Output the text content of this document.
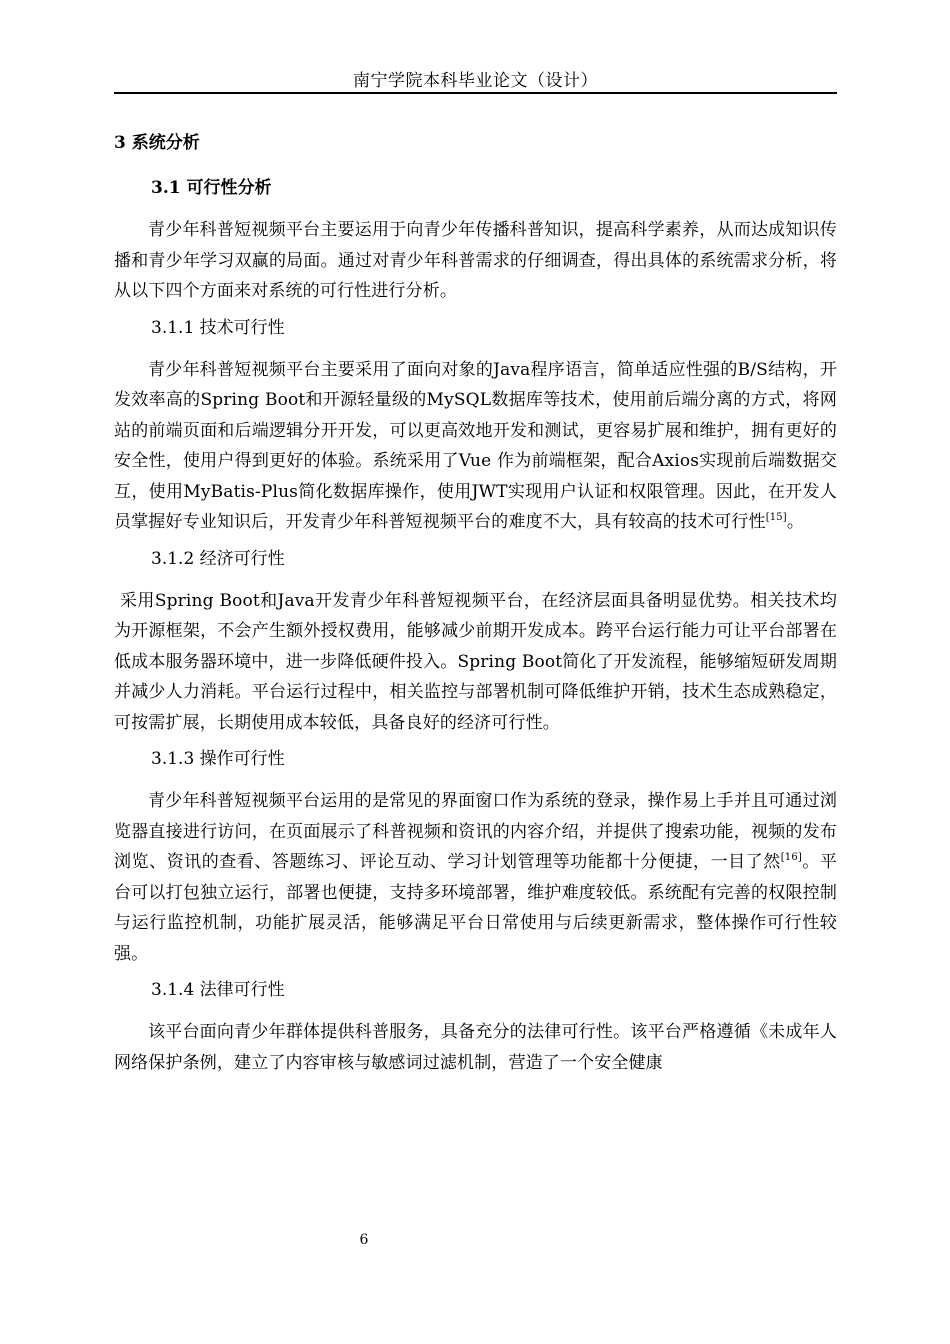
南宁学院本科毕业论文（设计）
3 系统分析
3.1 可行性分析

青少年科普短视频平台主要运用于向青少年传播科普知识，提高科学素养，从而达成知识传播和青少年学习双赢的局面。通过对青少年科普需求的仔细调查，得出具体的系统需求分析，将从以下四个方面来对系统的可行性进行分析。

3.1.1 技术可行性

青少年科普短视频平台主要采用了面向对象的Java程序语言，简单适应性强的B/S结构，开发效率高的Spring Boot和开源轻量级的MySQL数据库等技术，使用前后端分离的方式，将网站的前端页面和后端逻辑分开开发，可以更高效地开发和测试，更容易扩展和维护，拥有更好的安全性，使用户得到更好的体验。系统采用了Vue 作为前端框架，配合Axios实现前后端数据交互，使用MyBatis-Plus简化数据库操作，使用JWT实现用户认证和权限管理。因此，在开发人员掌握好专业知识后，开发青少年科普短视频平台的难度不大，具有较高的技术可行性[15]。

3.1.2 经济可行性

采用Spring Boot和Java开发青少年科普短视频平台，在经济层面具备明显优势。相关技术均为开源框架，不会产生额外授权费用，能够减少前期开发成本。跨平台运行能力可让平台部署在低成本服务器环境中，进一步降低硬件投入。Spring Boot简化了开发流程，能够缩短研发周期并减少人力消耗。平台运行过程中，相关监控与部署机制可降低维护开销，技术生态成熟稳定，可按需扩展，长期使用成本较低，具备良好的经济可行性。

3.1.3 操作可行性

青少年科普短视频平台运用的是常见的界面窗口作为系统的登录，操作易上手并且可通过浏览器直接进行访问，在页面展示了科普视频和资讯的内容介绍，并提供了搜索功能，视频的发布浏览、资讯的查看、答题练习、评论互动、学习计划管理等功能都十分便捷，一目了然[16]。平台可以打包独立运行，部署也便捷，支持多环境部署，维护难度较低。系统配有完善的权限控制与运行监控机制，功能扩展灵活，能够满足平台日常使用与后续更新需求，整体操作可行性较强。

3.1.4 法律可行性

该平台面向青少年群体提供科普服务，具备充分的法律可行性。该平台严格遵循《未成年人网络保护条例，建立了内容审核与敏感词过滤机制，营造了一个安全健康

6
